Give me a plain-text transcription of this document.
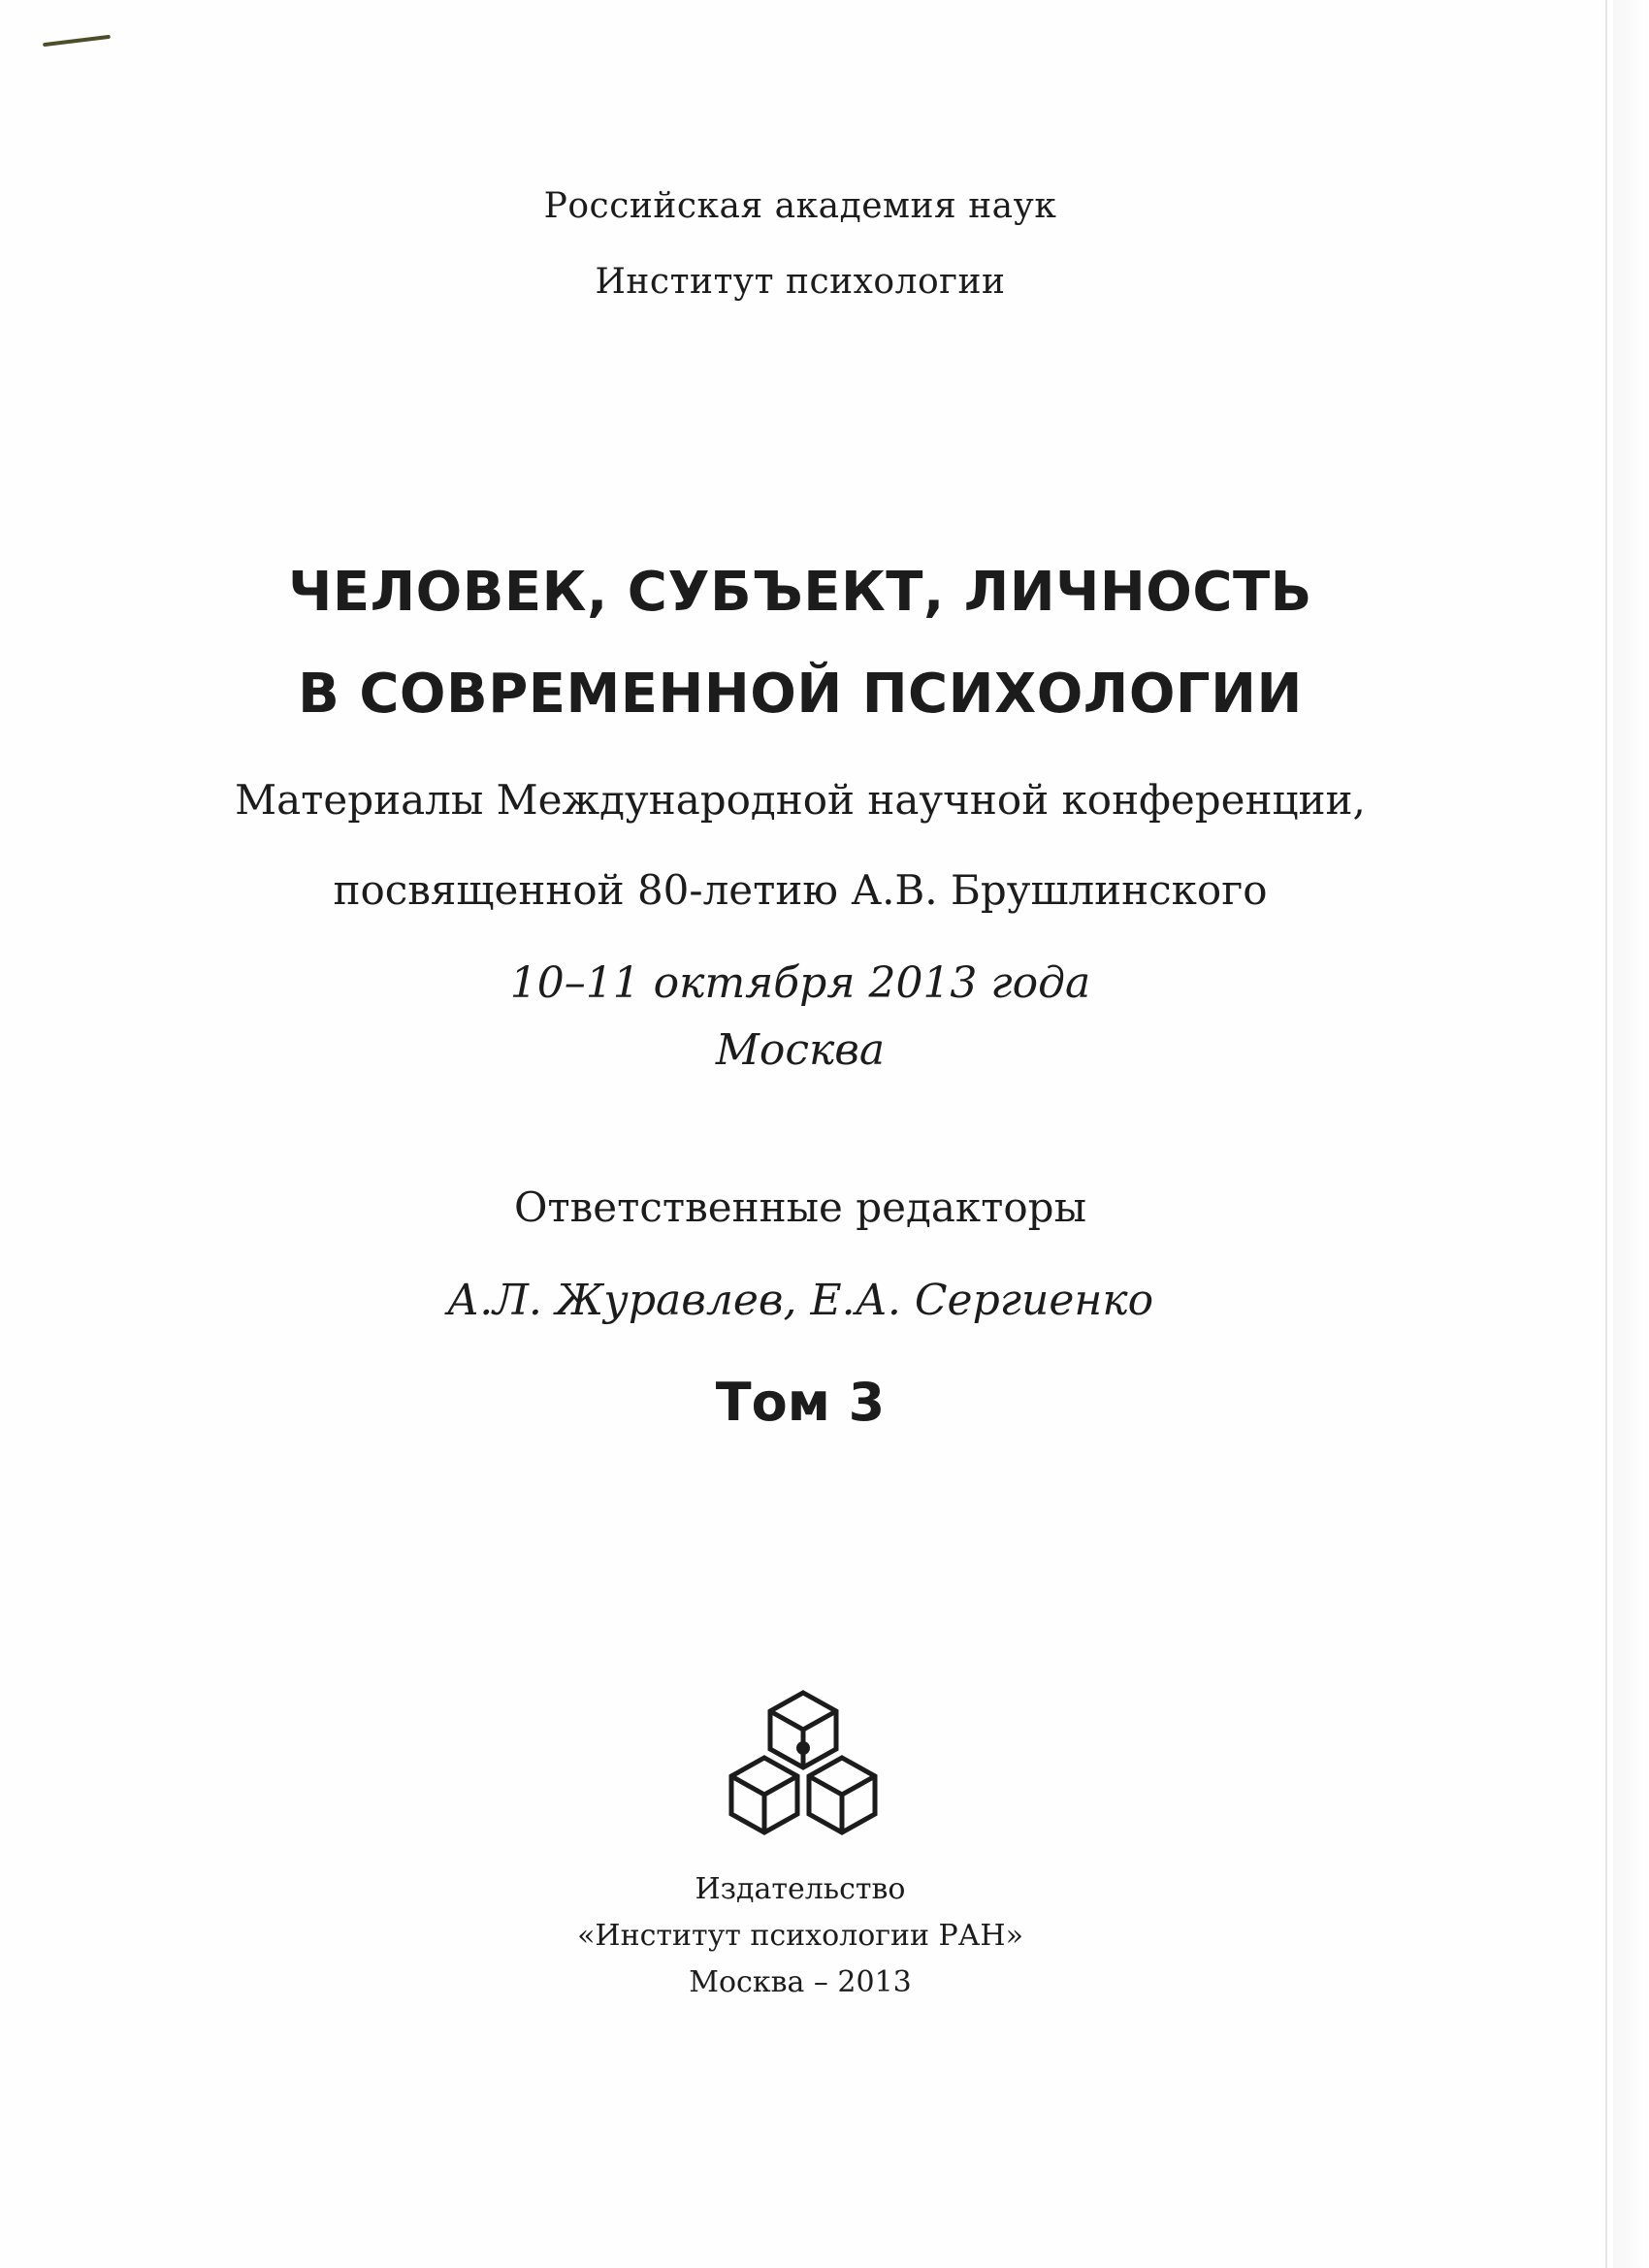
Российская академия наук
Институт психологии
ЧЕЛОВЕК, СУБЪЕКТ, ЛИЧНОСТЬ
В СОВРЕМЕННОЙ ПСИХОЛОГИИ
Материалы Международной научной конференции,
посвященной 80-летию А.В. Брушлинского
10–11 октября 2013 года
Москва
Ответственные редакторы
А.Л. Журавлев, Е.А. Сергиенко
Том 3
Издательство
«Институт психологии РАН»
Москва – 2013
